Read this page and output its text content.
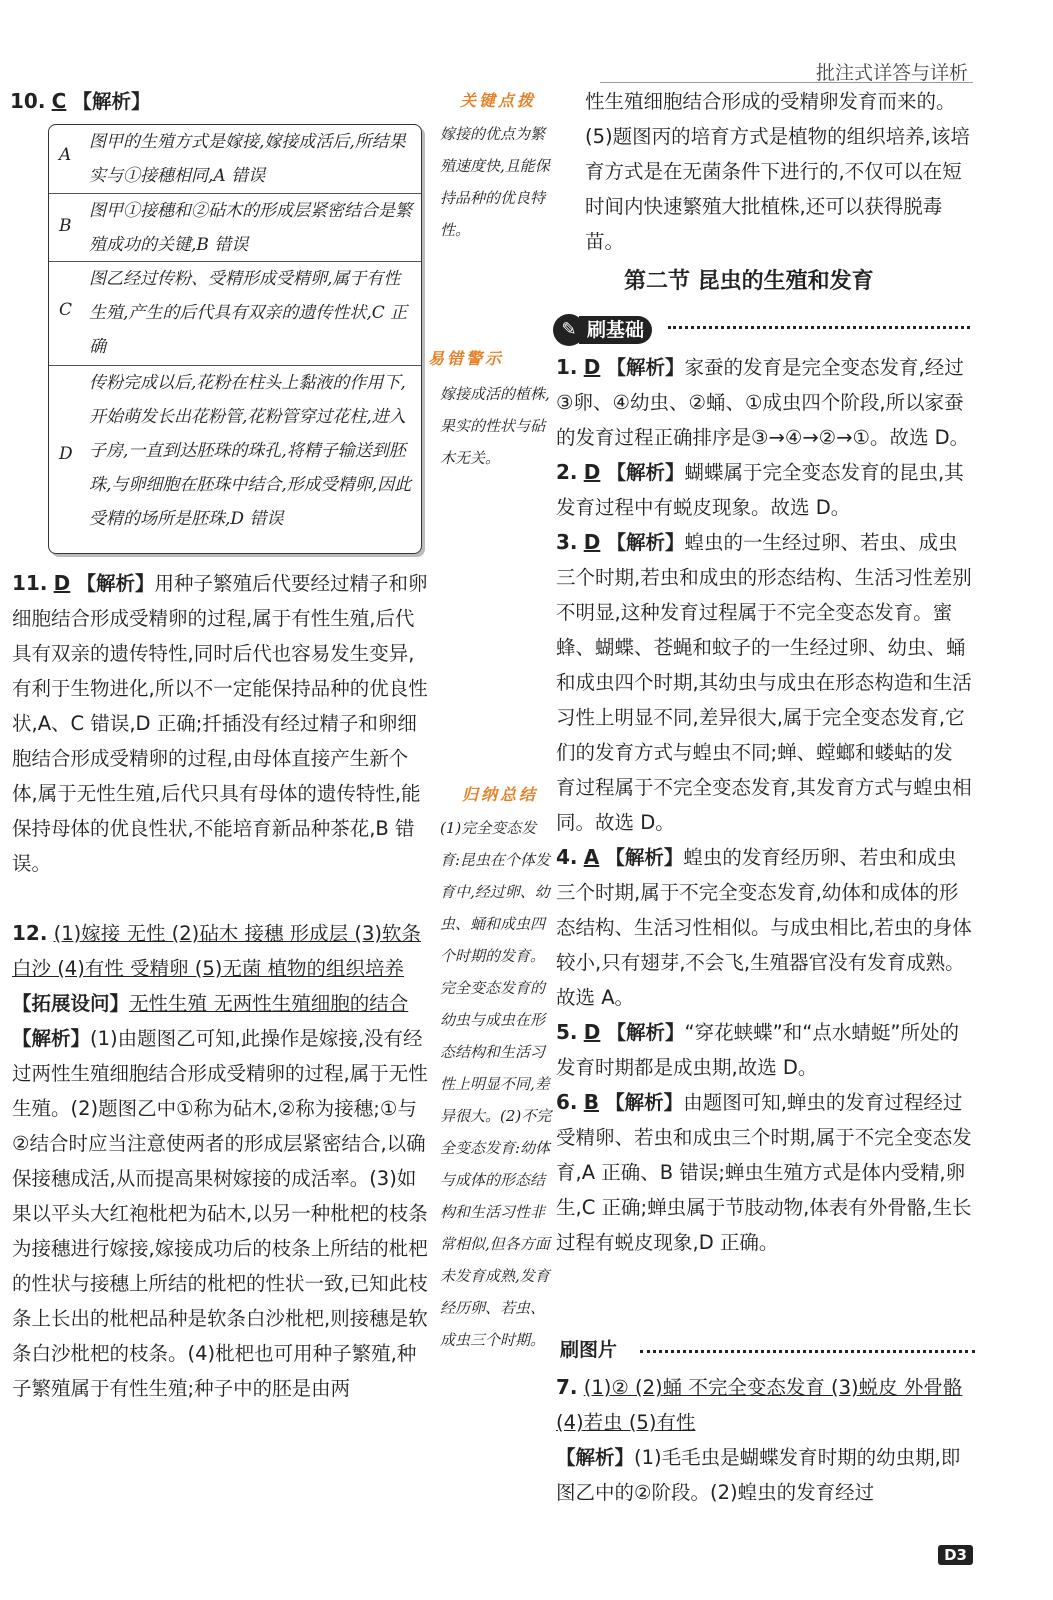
批注式详答与详析
10. C 【解析】
A
图甲的生殖方式是嫁接,嫁接成活后,所结果实与①接穗相同,A 错误
B
图甲①接穗和②砧木的形成层紧密结合是繁殖成功的关键,B 错误
C
图乙经过传粉、受精形成受精卵,属于有性生殖,产生的后代具有双亲的遗传性状,C 正确
D
传粉完成以后,花粉在柱头上黏液的作用下,开始萌发长出花粉管,花粉管穿过花柱,进入子房,一直到达胚珠的珠孔,将精子输送到胚珠,与卵细胞在胚珠中结合,形成受精卵,因此受精的场所是胚珠,D 错误
关键点拨
嫁接的优点为繁殖速度快,且能保持品种的优良特性。
易错警示
嫁接成活的植株,果实的性状与砧木无关。
归纳总结
(1)完全变态发育:昆虫在个体发育中,经过卵、幼虫、蛹和成虫四个时期的发育。完全变态发育的幼虫与成虫在形态结构和生活习性上明显不同,差异很大。(2)不完全变态发育:幼体与成体的形态结构和生活习性非常相似,但各方面未发育成熟,发育经历卵、若虫、成虫三个时期。
11. D 【解析】用种子繁殖后代要经过精子和卵细胞结合形成受精卵的过程,属于有性生殖,后代具有双亲的遗传特性,同时后代也容易发生变异,有利于生物进化,所以不一定能保持品种的优良性状,A、C 错误,D 正确;扦插没有经过精子和卵细胞结合形成受精卵的过程,由母体直接产生新个体,属于无性生殖,后代只具有母体的遗传特性,能保持母体的优良性状,不能培育新品种茶花,B 错误。
12. (1)嫁接 无性 (2)砧木 接穗 形成层 (3)软条白沙 (4)有性 受精卵 (5)无菌 植物的组织培养 【拓展设问】无性生殖 无两性生殖细胞的结合
【解析】(1)由题图乙可知,此操作是嫁接,没有经过两性生殖细胞结合形成受精卵的过程,属于无性生殖。(2)题图乙中①称为砧木,②称为接穗;①与②结合时应当注意使两者的形成层紧密结合,以确保接穗成活,从而提高果树嫁接的成活率。(3)如果以平头大红袍枇杷为砧木,以另一种枇杷的枝条为接穗进行嫁接,嫁接成功后的枝条上所结的枇杷的性状与接穗上所结的枇杷的性状一致,已知此枝条上长出的枇杷品种是软条白沙枇杷,则接穗是软条白沙枇杷的枝条。(4)枇杷也可用种子繁殖,种子繁殖属于有性生殖;种子中的胚是由两
性生殖细胞结合形成的受精卵发育而来的。(5)题图丙的培育方式是植物的组织培养,该培育方式是在无菌条件下进行的,不仅可以在短时间内快速繁殖大批植株,还可以获得脱毒苗。
第二节 昆虫的生殖和发育
刷基础
✎
1. D 【解析】家蚕的发育是完全变态发育,经过③卵、④幼虫、②蛹、①成虫四个阶段,所以家蚕的发育过程正确排序是③→④→②→①。故选 D。
2. D 【解析】蝴蝶属于完全变态发育的昆虫,其发育过程中有蜕皮现象。故选 D。
3. D 【解析】蝗虫的一生经过卵、若虫、成虫三个时期,若虫和成虫的形态结构、生活习性差别不明显,这种发育过程属于不完全变态发育。蜜蜂、蝴蝶、苍蝇和蚊子的一生经过卵、幼虫、蛹和成虫四个时期,其幼虫与成虫在形态构造和生活习性上明显不同,差异很大,属于完全变态发育,它们的发育方式与蝗虫不同;蝉、螳螂和蝼蛄的发育过程属于不完全变态发育,其发育方式与蝗虫相同。故选 D。
4. A 【解析】蝗虫的发育经历卵、若虫和成虫三个时期,属于不完全变态发育,幼体和成体的形态结构、生活习性相似。与成虫相比,若虫的身体较小,只有翅芽,不会飞,生殖器官没有发育成熟。故选 A。
5. D 【解析】“穿花蛱蝶”和“点水蜻蜓”所处的发育时期都是成虫期,故选 D。
6. B 【解析】由题图可知,蝉虫的发育过程经过受精卵、若虫和成虫三个时期,属于不完全变态发育,A 正确、B 错误;蝉虫生殖方式是体内受精,卵生,C 正确;蝉虫属于节肢动物,体表有外骨骼,生长过程有蜕皮现象,D 正确。
刷图片
7. (1)② (2)蛹 不完全变态发育 (3)蜕皮 外骨骼 (4)若虫 (5)有性
【解析】(1)毛毛虫是蝴蝶发育时期的幼虫期,即图乙中的②阶段。(2)蝗虫的发育经过
D3
